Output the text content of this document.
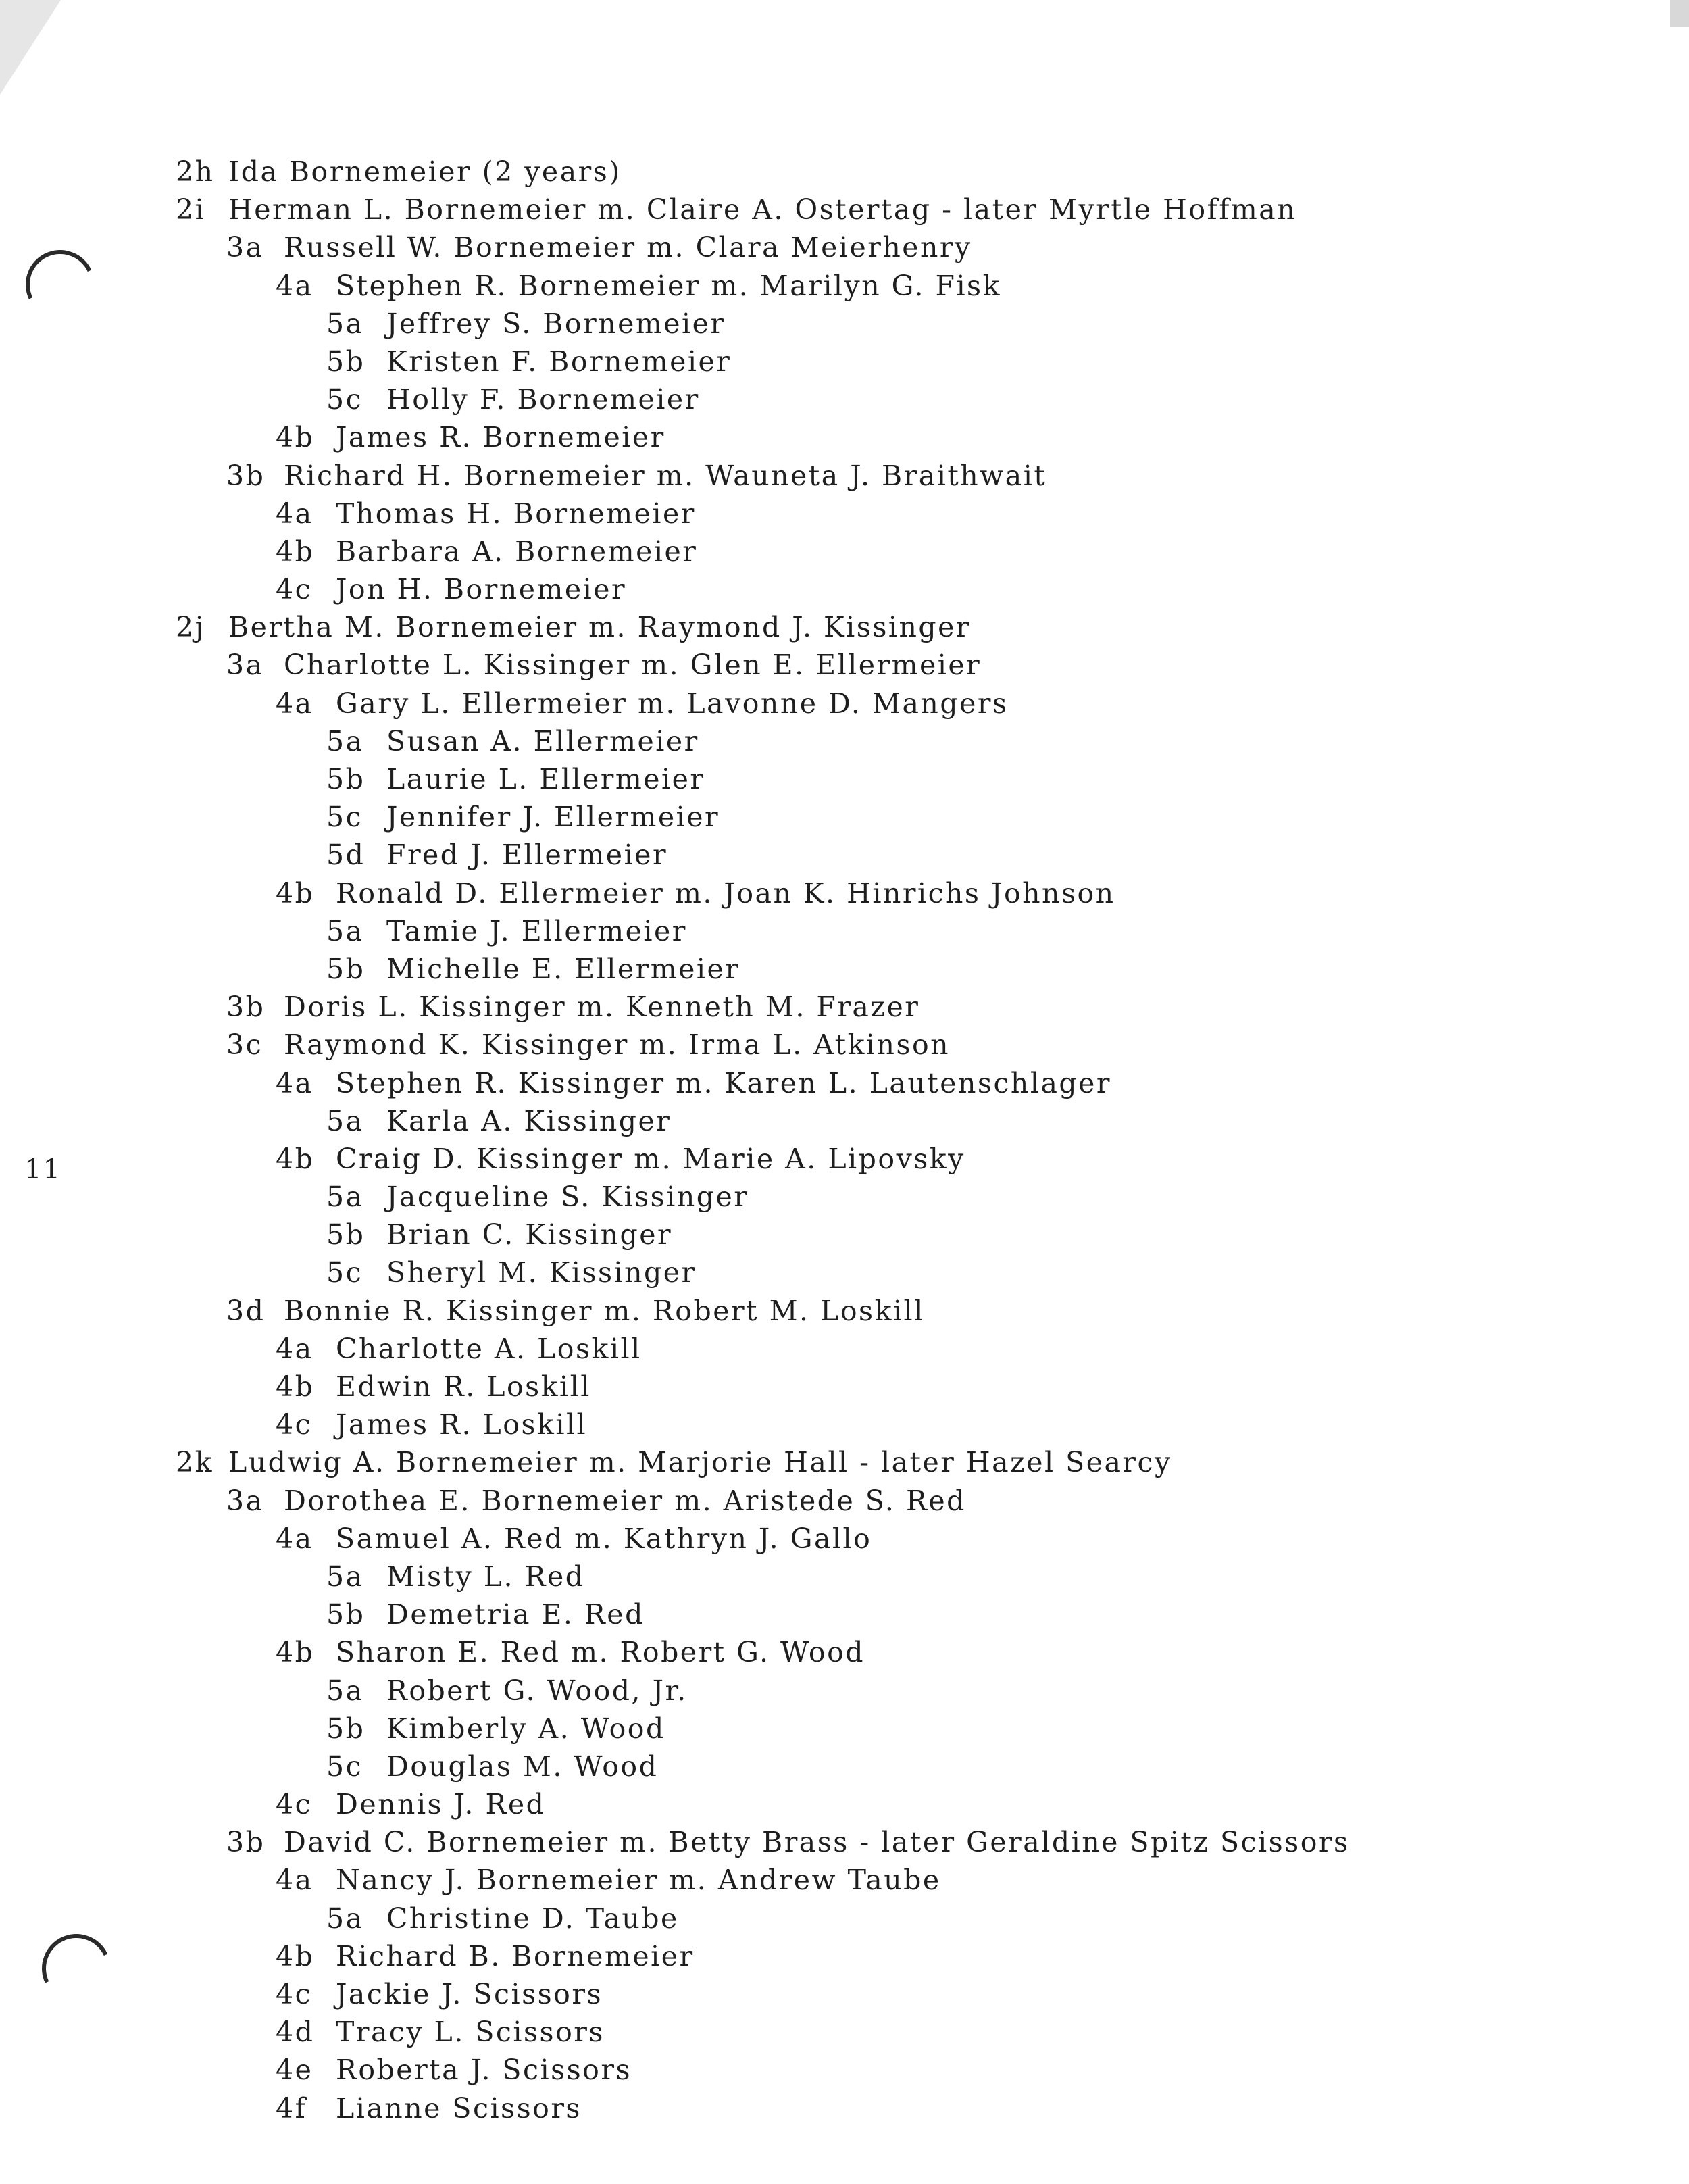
11
2h Ida Bornemeier (2 years)
2i Herman L. Bornemeier m. Claire A. Ostertag - later Myrtle Hoffman
3a Russell W. Bornemeier m. Clara Meierhenry
4a Stephen R. Bornemeier m. Marilyn G. Fisk
5a Jeffrey S. Bornemeier
5b Kristen F. Bornemeier
5c Holly F. Bornemeier
4b James R. Bornemeier
3b Richard H. Bornemeier m. Wauneta J. Braithwait
4a Thomas H. Bornemeier
4b Barbara A. Bornemeier
4c Jon H. Bornemeier
2j Bertha M. Bornemeier m. Raymond J. Kissinger
3a Charlotte L. Kissinger m. Glen E. Ellermeier
4a Gary L. Ellermeier m. Lavonne D. Mangers
5a Susan A. Ellermeier
5b Laurie L. Ellermeier
5c Jennifer J. Ellermeier
5d Fred J. Ellermeier
4b Ronald D. Ellermeier m. Joan K. Hinrichs Johnson
5a Tamie J. Ellermeier
5b Michelle E. Ellermeier
3b Doris L. Kissinger m. Kenneth M. Frazer
3c Raymond K. Kissinger m. Irma L. Atkinson
4a Stephen R. Kissinger m. Karen L. Lautenschlager
5a Karla A. Kissinger
4b Craig D. Kissinger m. Marie A. Lipovsky
5a Jacqueline S. Kissinger
5b Brian C. Kissinger
5c Sheryl M. Kissinger
3d Bonnie R. Kissinger m. Robert M. Loskill
4a Charlotte A. Loskill
4b Edwin R. Loskill
4c James R. Loskill
2k Ludwig A. Bornemeier m. Marjorie Hall - later Hazel Searcy
3a Dorothea E. Bornemeier m. Aristede S. Red
4a Samuel A. Red m. Kathryn J. Gallo
5a Misty L. Red
5b Demetria E. Red
4b Sharon E. Red m. Robert G. Wood
5a Robert G. Wood, Jr.
5b Kimberly A. Wood
5c Douglas M. Wood
4c Dennis J. Red
3b David C. Bornemeier m. Betty Brass - later Geraldine Spitz Scissors
4a Nancy J. Bornemeier m. Andrew Taube
5a Christine D. Taube
4b Richard B. Bornemeier
4c Jackie J. Scissors
4d Tracy L. Scissors
4e Roberta J. Scissors
4f Lianne Scissors
